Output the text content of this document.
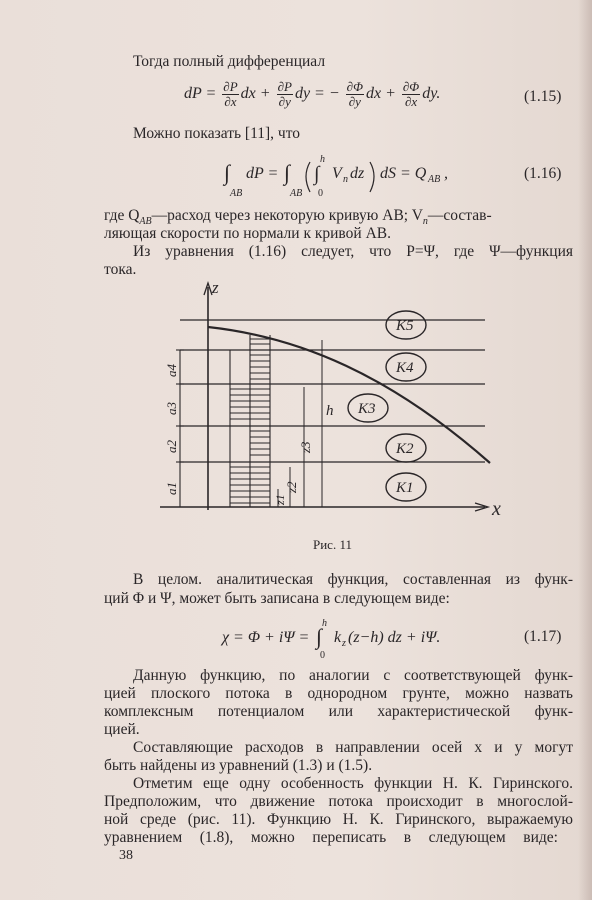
Тогда полный дифференциал
dP = $\frac{\partial P}{\partial x}$ dx + $\frac{\partial P}{\partial y}$ dy = − $\frac{\partial\Phi}{\partial y}$ dx + $\frac{\partial\Phi}{\partial x}$ dy.	(1.15)
Можно показать [11], что
∫
AB
dP = ∫
AB
∫
h
0
V n dz dS = Q AB ,	(1.16)
где $Q_{AB}—расход$ через некоторую кривую AB; $V_n—состав-$
ляющая скорости по нормали к кривой AB.
Из уравнения (1.16) следует, что P=Ψ, где Ψ—функция
тока.
K1
K2
K3
K4
K5
z
x
h
z3
z2
z1
a1
a2
a3
a4
Рис. 11
В целом. аналитическая функция, составленная из функ-
ций Φ и Ψ, может быть записана в следующем виде:
χ = Φ + iΨ = ∫
h
0
k z (z−h) dz + iΨ.	(1.17)
Данную функцию, по аналогии с соответствующей функ-
цией плоского потока в однородном грунте, можно назвать
комплексным потенциалом или характеристической функ-
цией.
Составляющие расходов в направлении осей x и y могут
быть найдены из уравнений (1.3) и (1.5).
Отметим еще одну особенность функции Н. К. Гиринского.
Предположим, что движение потока происходит в многослой-
ной среде (рис. 11). Функцию Н. К. Гиринского, выражаемую
уравнением (1.8), можно переписать в следующем виде:
38
